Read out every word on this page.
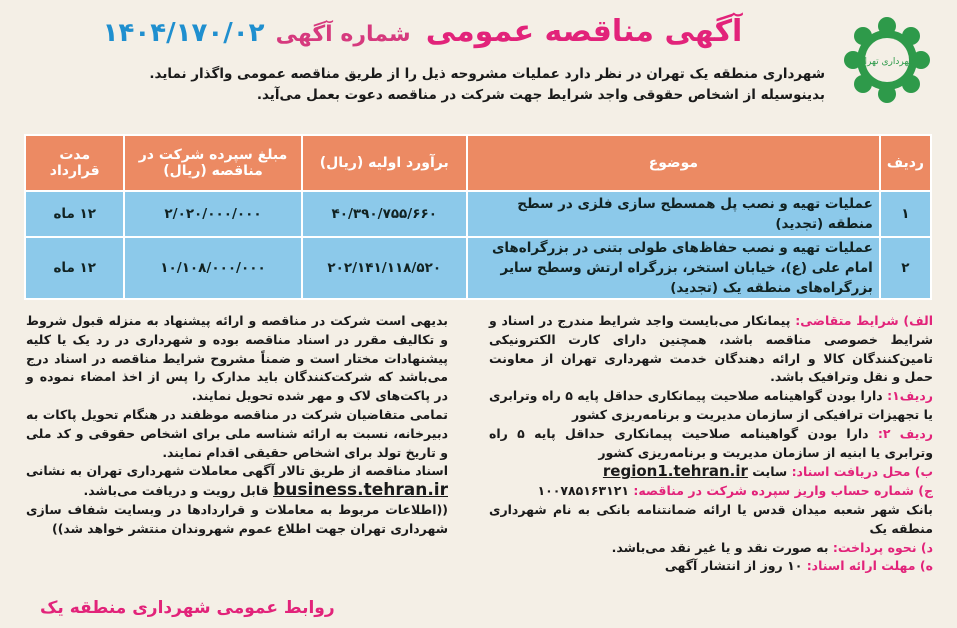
شهرداری تهران
آگهی مناقصه عمومی شماره آگهی ۱۴۰۴/۱۷۰/۰۲
شهرداری منطقه یک تهران در نظر دارد عملیات مشروحه ذیل را از طریق مناقصه عمومی واگذار نماید.
بدینوسیله از اشخاص حقوقی واجد شرایط جهت شرکت در مناقصه دعوت بعمل می‌آید.
ردیف	موضوع	برآورد اولیه (ریال)	مبلغ سپرده شرکت در مناقصه (ریال)	مدت قرارداد
۱	عملیات تهیه و نصب پل همسطح سازی فلزی در سطح منطقه (تجدید)	۴۰/۳۹۰/۷۵۵/۶۶۰	۲/۰۲۰/۰۰۰/۰۰۰	۱۲ ماه
۲	عملیات تهیه و نصب حفاظ‌های طولی بتنی در بزرگراه‌های امام علی (ع)، خیابان استخر، بزرگراه ارتش وسطح سایر بزرگراه‌های منطقه یک (تجدید)	۲۰۲/۱۴۱/۱۱۸/۵۲۰	۱۰/۱۰۸/۰۰۰/۰۰۰	۱۲ ماه
الف) شرایط متقاضی: پیمانکار می‌بایست واجد شرایط مندرج در اسناد و شرایط خصوصی مناقصه باشد، همچنین دارای کارت الکترونیکی تامین‌کنندگان کالا و ارائه دهندگان خدمت شهرداری تهران از معاونت حمل و نقل وترافیک باشد.
ردیف۱: دارا بودن گواهینامه صلاحیت پیمانکاری حداقل پایه ۵ راه وترابری یا تجهیزات ترافیکی از سازمان مدیریت و برنامه‌ریزی کشور
ردیف ۲: دارا بودن گواهینامه صلاحیت پیمانکاری حداقل پایه ۵ راه وترابری یا ابنیه از سازمان مدیریت و برنامه‌ریزی کشور
ب) محل دریافت اسناد: سایت region1.tehran.ir
ج) شماره حساب واریز سپرده شرکت در مناقصه: ۱۰۰۷۸۵۱۶۳۱۲۱
بانک شهر شعبه میدان قدس یا ارائه ضمانتنامه بانکی به نام شهرداری منطقه یک
د) نحوه پرداخت: به صورت نقد و یا غیر نقد می‌باشد.
ه) مهلت ارائه اسناد: ۱۰ روز از انتشار آگهی
بدیهی است شرکت در مناقصه و ارائه پیشنهاد به منزله قبول شروط و تکالیف مقرر در اسناد مناقصه بوده و شهرداری در رد یک یا کلیه پیشنهادات مختار است و ضمناً مشروح شرایط مناقصه در اسناد درج می‌باشد که شرکت‌کنندگان باید مدارک را پس از اخذ امضاء نموده و در پاکت‌های لاک و مهر شده تحویل نمایند.
تمامی متقاضیان شرکت در مناقصه موظفند در هنگام تحویل پاکات به دبیرخانه، نسبت به ارائه شناسه ملی برای اشخاص حقوقی و کد ملی و تاریخ تولد برای اشخاص حقیقی اقدام نمایند.
اسناد مناقصه از طریق تالار آگهی معاملات شهرداری تهران به نشانی business.tehran.ir قابل رویت و دریافت می‌باشد.
((اطلاعات مربوط به معاملات و قراردادها در وبسایت شفاف سازی شهرداری تهران جهت اطلاع عموم شهروندان منتشر خواهد شد))
روابط عمومی شهرداری منطقه یک
